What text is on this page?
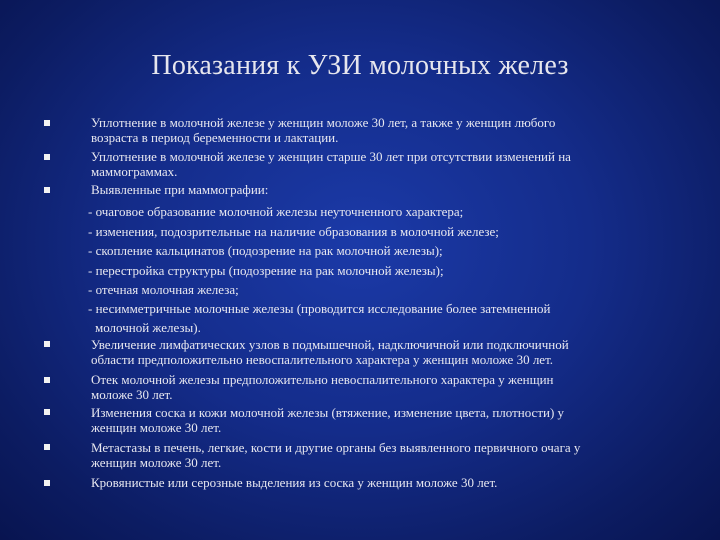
Показания к УЗИ молочных желез
Уплотнение в молочной железе у женщин моложе 30 лет, а также у женщин любого
возраста в период беременности и лактации.
Уплотнение в молочной железе у женщин старше 30 лет при отсутствии изменений на
маммограммах.
Выявленные при маммографии:
- очаговое образование молочной железы неуточненного характера;
- изменения, подозрительные на наличие образования в молочной железе;
- скопление кальцинатов (подозрение на рак молочной железы);
- перестройка структуры (подозрение на рак молочной железы);
- отечная молочная железа;
- несимметричные молочные железы (проводится исследование более затемненной
молочной железы).
Увеличение лимфатических узлов в подмышечной, надключичной или подключичной
области предположительно невоспалительного характера у женщин моложе 30 лет.
Отек молочной железы предположительно невоспалительного характера у женщин
моложе 30 лет.
Изменения соска и кожи молочной железы (втяжение, изменение цвета, плотности) у
женщин моложе 30 лет.
Метастазы в печень, легкие, кости и другие органы без выявленного первичного очага у
женщин моложе 30 лет.
Кровянистые или серозные выделения из соска у женщин моложе 30 лет.
